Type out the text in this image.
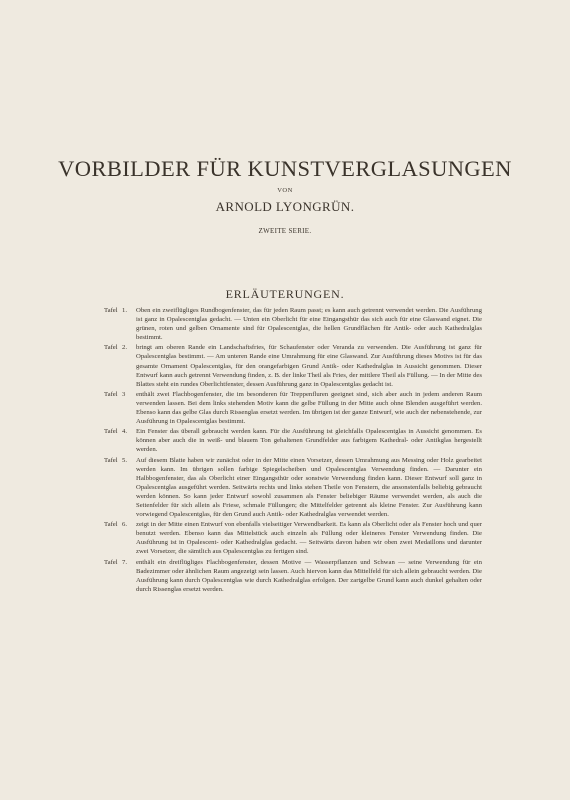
VORBILDER FÜR KUNSTVERGLASUNGEN
VON
ARNOLD LYONGRÜN.
ZWEITE SERIE.
ERLÄUTERUNGEN.
Tafel 1. Oben ein zweiflügliges Rundbogenfenster, das für jeden Raum passt; es kann auch getrennt verwendet werden. Die Ausführung ist ganz in Opalescentglas gedacht. — Unten ein Oberlicht für eine Eingangsthür das sich auch für eine Glaswand eignet. Die grünen, roten und gelben Ornamente sind für Opalescentglas, die hellen Grundflächen für Antik- oder auch Kathedralglas bestimmt.
Tafel 2. bringt am oberen Rande ein Landschaftsfries, für Schaufenster oder Veranda zu verwenden. Die Ausführung ist ganz für Opalescentglas bestimmt. — Am unteren Rande eine Umrahmung für eine Glaswand. Zur Ausführung dieses Motivs ist für das gesamte Ornament Opalescentglas, für den orangefarbigen Grund Antik- oder Kathedralglas in Aussicht genommen. Dieser Entwurf kann auch getrennt Verwendung finden, z. B. der linke Theil als Fries, der mittlere Theil als Füllung. — In der Mitte des Blattes steht ein rundes Oberlichtfenster, dessen Ausführung ganz in Opalescentglas gedacht ist.
Tafel 3 enthält zwei Flachbogenfenster, die im besonderen für Treppenfluren geeignet sind, sich aber auch in jedem anderen Raum verwenden lassen. Bei dem links stehenden Motiv kann die gelbe Füllung in der Mitte auch ohne Blenden ausgeführt werden. Ebenso kann das gelbe Glas durch Rissenglas ersetzt werden. Im übrigen ist der ganze Entwurf, wie auch der nebenstehende, zur Ausführung in Opalescentglas bestimmt.
Tafel 4. Ein Fenster das überall gebraucht werden kann. Für die Ausführung ist gleichfalls Opalescentglas in Aussicht genommen. Es können aber auch die in weiß- und blauem Ton gehaltenen Grundfelder aus farbigem Kathedral- oder Antikglas hergestellt werden.
Tafel 5. Auf diesem Blatte haben wir zunächst oder in der Mitte einen Vorsetzer, dessen Umrahmung aus Messing oder Holz gearbeitet werden kann. Im übrigen sollen farbige Spiegelscheiben und Opalescentglas Verwendung finden. — Darunter ein Halbbogenfenster, das als Oberlicht einer Eingangsthür oder sonstwie Verwendung finden kann. Dieser Entwurf soll ganz in Opalescentglas ausgeführt werden. Seitwärts rechts und links stehen Theile von Fenstern, die ansonstenfalls beliebig gebraucht werden können. So kann jeder Entwurf sowohl zusammen als Fenster beliebiger Räume verwendet werden, als auch die Seitenfelder für sich allein als Friese, schmale Füllungen; die Mittelfelder getrennt als kleine Fenster. Zur Ausführung kann vorwiegend Opalescentglas, für den Grund auch Antik- oder Kathedralglas verwendet werden.
Tafel 6. zeigt in der Mitte einen Entwurf von ebenfalls vielseitiger Verwendbarkeit. Es kann als Oberlicht oder als Fenster hoch und quer benutzt werden. Ebenso kann das Mittelstück auch einzeln als Füllung oder kleineres Fenster Verwendung finden. Die Ausführung ist in Opalescent- oder Kathedralglas gedacht. — Seitwärts davon haben wir oben zwei Medaillons und darunter zwei Vorsetzer, die sämtlich aus Opalescentglas zu fertigen sind.
Tafel 7. enthält ein dreiflügliges Flachbogenfenster, dessen Motive — Wasserpflanzen und Schwan — seine Verwendung für ein Badezimmer oder ähnlichen Raum angezeigt sein lassen. Auch hiervon kann das Mittelfeld für sich allein gebraucht werden. Die Ausführung kann durch Opalescentglas wie durch Kathedralglas erfolgen. Der zartgelbe Grund kann auch dunkel gehalten oder durch Rissenglas ersetzt werden.
